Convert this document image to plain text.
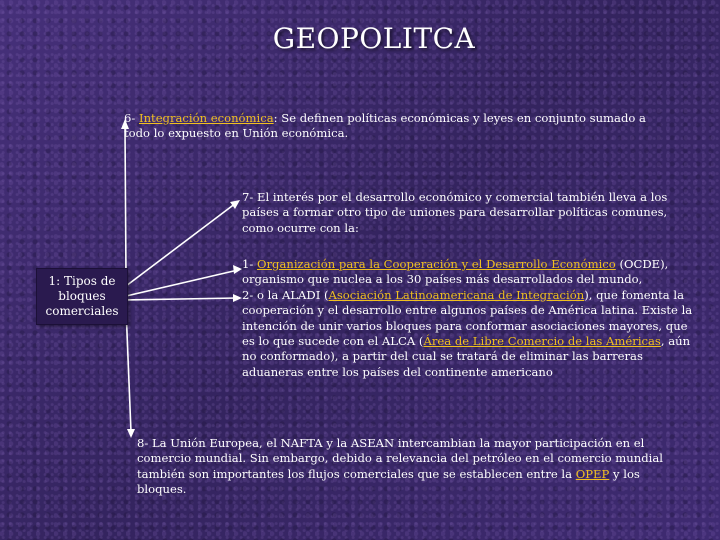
GEOPOLITCA
1: Tipos de bloques comerciales

6- Integración económica: Se definen políticas económicas y leyes en conjunto sumado a todo lo expuesto en Unión económica.

7- El interés por el desarrollo económico y comercial también lleva a los países a formar otro tipo de uniones para desarrollar políticas comunes, como ocurre con la:

1- Organización para la Cooperación y el Desarrollo Económico (OCDE), organismo que nuclea a los 30 países más desarrollados del mundo,
2- o la ALADI (Asociación Latinoamericana de Integración), que fomenta la cooperación y el desarrollo entre algunos países de América latina. Existe la intención de unir varios bloques para conformar asociaciones mayores, que es lo que sucede con el ALCA (Área de Libre Comercio de las Américas, aún no conformado), a partir del cual se tratará de eliminar las barreras aduaneras entre los países del continente americano

8- La Unión Europea, el NAFTA y la ASEAN intercambian la mayor participación en el comercio mundial. Sin embargo, debido a relevancia del petróleo en el comercio mundial también son importantes los flujos comerciales que se establecen entre la OPEP y los bloques.
